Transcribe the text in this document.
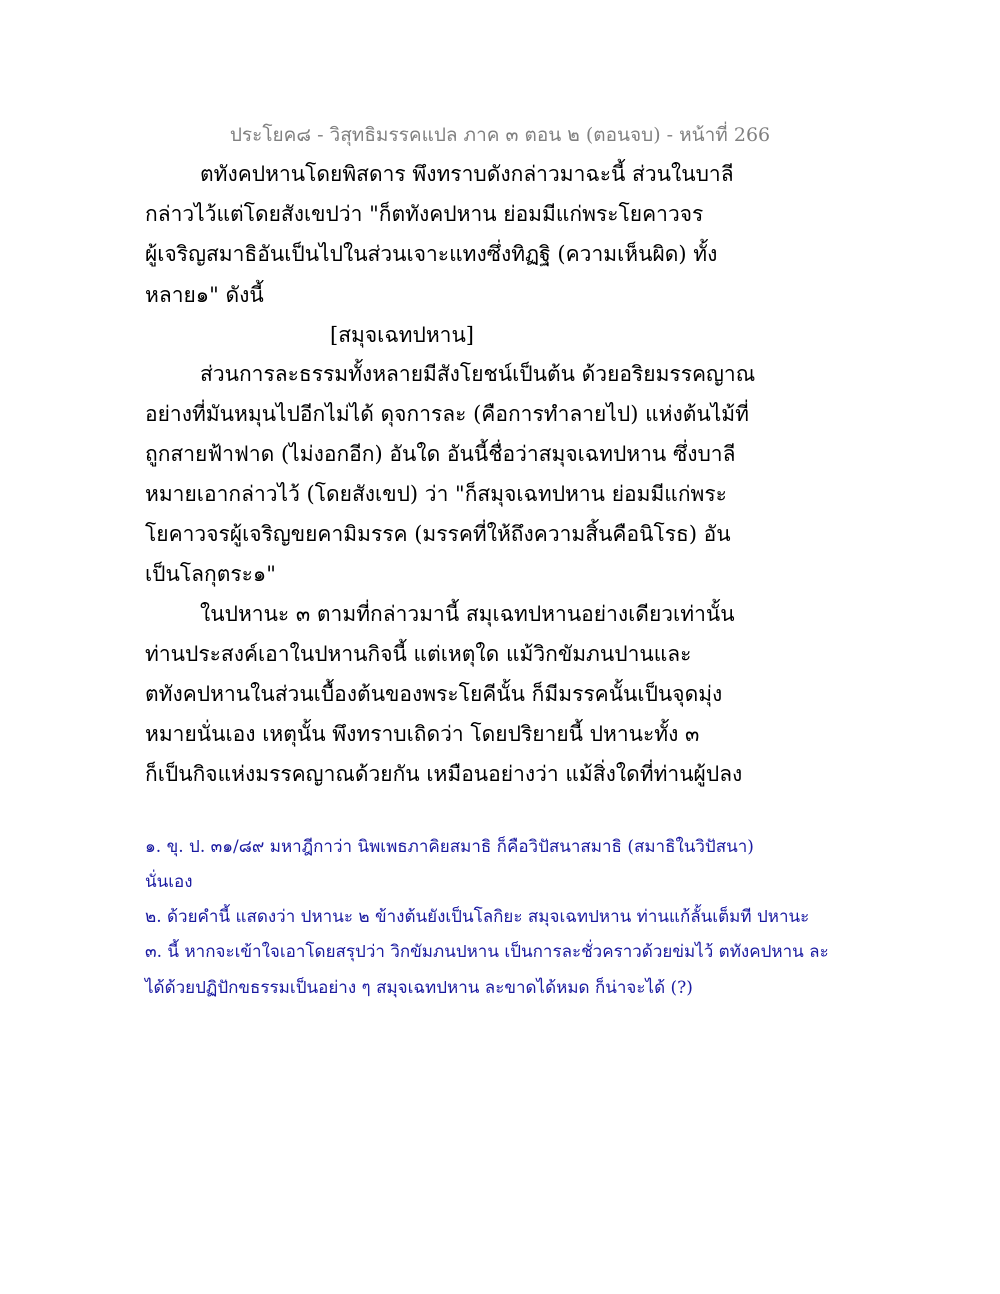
ประโยค๘ - วิสุทธิมรรคแปล ภาค ๓ ตอน ๒ (ตอนจบ) - หน้าที่ 266
ตทังคปหานโดยพิสดาร พึงทราบดังกล่าวมาฉะนี้ ส่วนในบาลี
กล่าวไว้แต่โดยสังเขปว่า "ก็ตทังคปหาน ย่อมมีแก่พระโยคาวจร
ผู้เจริญสมาธิอันเป็นไปในส่วนเจาะแทงซึ่งทิฏฐิ (ความเห็นผิด) ทั้ง
หลาย๑" ดังนี้
[สมุจเฉทปหาน]
ส่วนการละธรรมทั้งหลายมีสังโยชน์เป็นต้น ด้วยอริยมรรคญาณ
อย่างที่มันหมุนไปอีกไม่ได้ ดุจการละ (คือการทำลายไป) แห่งต้นไม้ที่
ถูกสายฟ้าฟาด (ไม่งอกอีก) อันใด อันนี้ชื่อว่าสมุจเฉทปหาน ซึ่งบาลี
หมายเอากล่าวไว้ (โดยสังเขป) ว่า "ก็สมุจเฉทปหาน ย่อมมีแก่พระ
โยคาวจรผู้เจริญขยคามิมรรค (มรรคที่ให้ถึงความสิ้นคือนิโรธ) อัน
เป็นโลกุตระ๑"
ในปหานะ ๓ ตามที่กล่าวมานี้ สมุเฉทปหานอย่างเดียวเท่านั้น
ท่านประสงค์เอาในปหานกิจนี้ แต่เหตุใด แม้วิกขัมภนปานและ
ตทังคปหานในส่วนเบื้องต้นของพระโยคีนั้น ก็มีมรรคนั้นเป็นจุดมุ่ง
หมายนั่นเอง เหตุนั้น พึงทราบเถิดว่า โดยปริยายนี้ ปหานะทั้ง ๓
ก็เป็นกิจแห่งมรรคญาณด้วยกัน เหมือนอย่างว่า แม้สิ่งใดที่ท่านผู้ปลง
๑. ขุ. ป. ๓๑/๘๙ มหาฎีกาว่า นิพเพธภาคิยสมาธิ ก็คือวิปัสนาสมาธิ (สมาธิในวิปัสนา)
นั่นเอง
๒. ด้วยคำนี้ แสดงว่า ปหานะ ๒ ข้างต้นยังเป็นโลกิยะ สมุจเฉทปหาน ท่านแก้ลั้นเต็มที ปหานะ
๓. นี้ หากจะเข้าใจเอาโดยสรุปว่า วิกขัมภนปหาน เป็นการละชั่วคราวด้วยข่มไว้ ตทังคปหาน ละ
ได้ด้วยปฏิปักขธรรมเป็นอย่าง ๆ สมุจเฉทปหาน ละขาดได้หมด ก็น่าจะได้ (?)
